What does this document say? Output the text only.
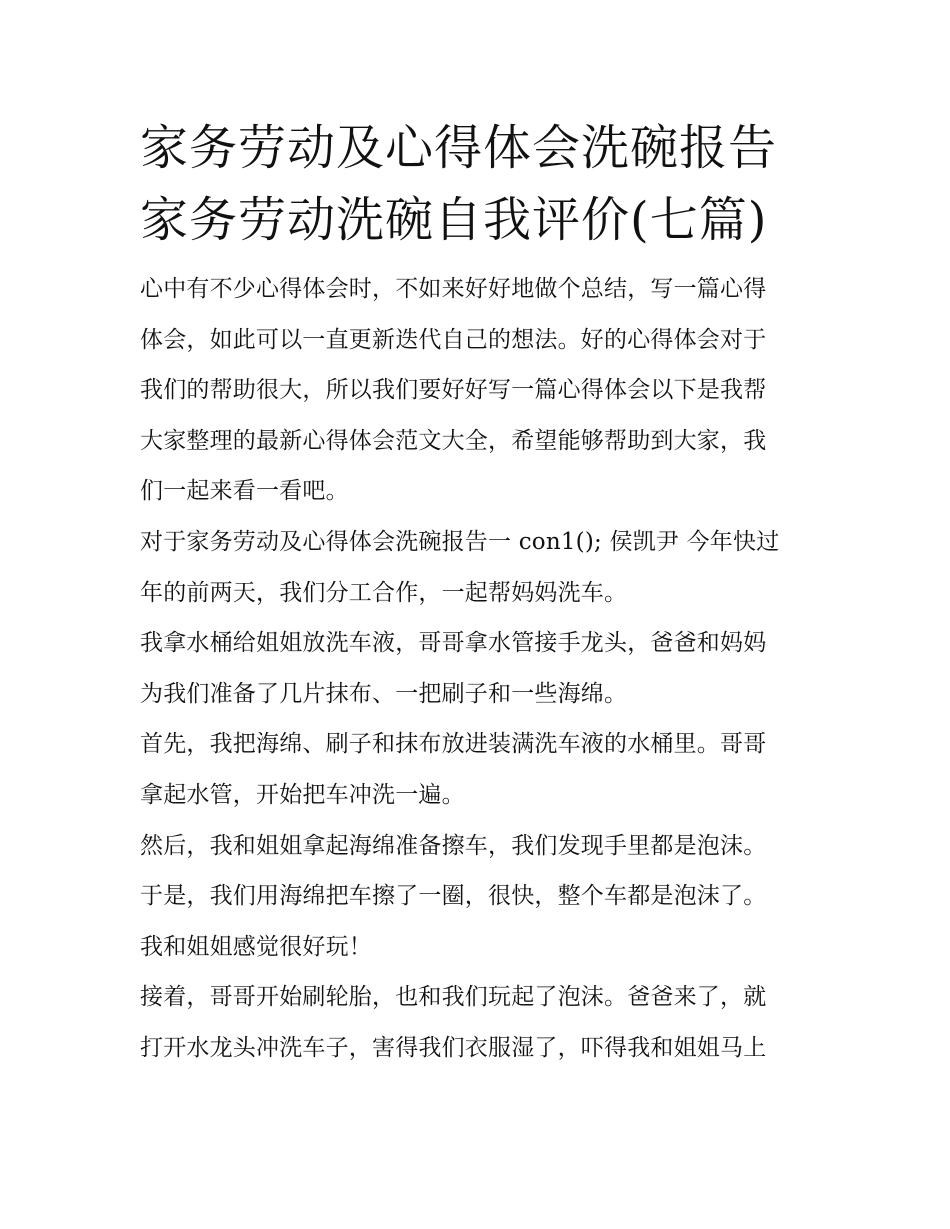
家务劳动及心得体会洗碗报告
家务劳动洗碗自我评价(七篇)

心中有不少心得体会时，不如来好好地做个总结，写一篇心得
体会，如此可以一直更新迭代自己的想法。好的心得体会对于
我们的帮助很大，所以我们要好好写一篇心得体会以下是我帮
大家整理的最新心得体会范文大全，希望能够帮助到大家，我
们一起来看一看吧。

对于家务劳动及心得体会洗碗报告一 con1(); 侯凯尹 今年快过
年的前两天，我们分工合作，一起帮妈妈洗车。

我拿水桶给姐姐放洗车液，哥哥拿水管接手龙头，爸爸和妈妈
为我们准备了几片抹布、一把刷子和一些海绵。

首先，我把海绵、刷子和抹布放进装满洗车液的水桶里。哥哥
拿起水管，开始把车冲洗一遍。

然后，我和姐姐拿起海绵准备擦车，我们发现手里都是泡沫。
于是，我们用海绵把车擦了一圈，很快，整个车都是泡沫了。
我和姐姐感觉很好玩！

接着，哥哥开始刷轮胎，也和我们玩起了泡沫。爸爸来了，就
打开水龙头冲洗车子，害得我们衣服湿了，吓得我和姐姐马上
